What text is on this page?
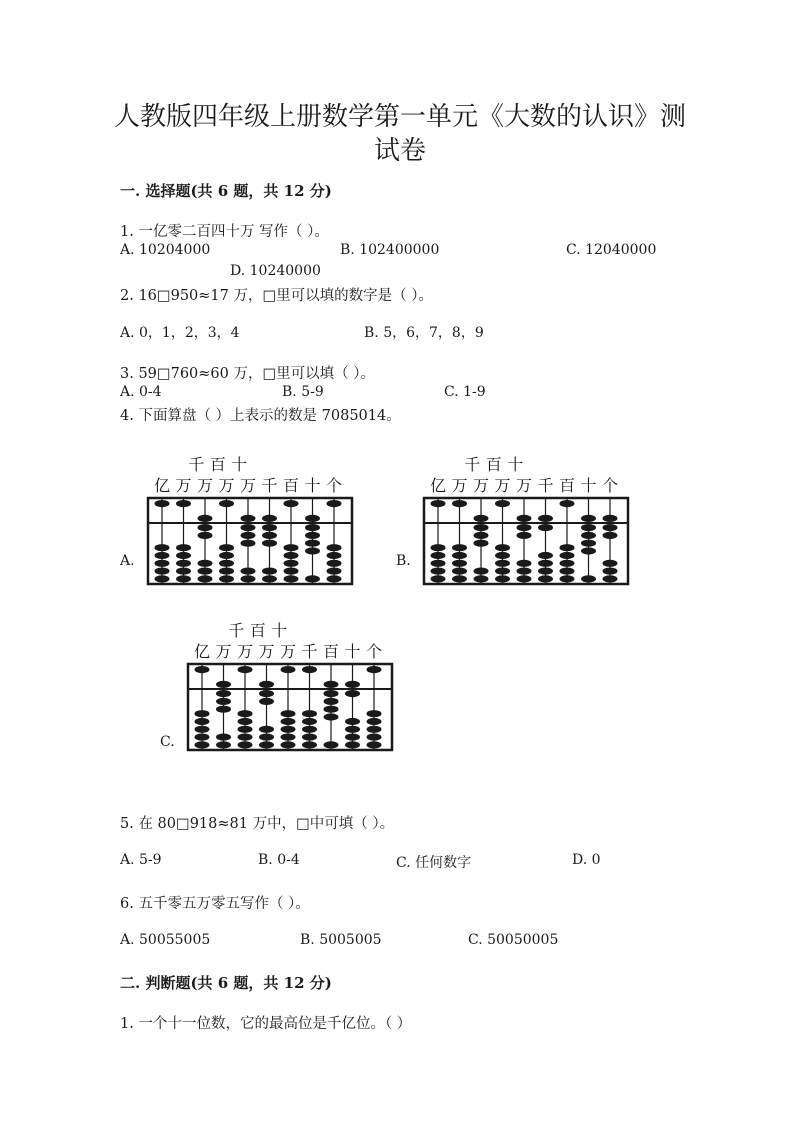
人教版四年级上册数学第一单元《大数的认识》测
试卷
一. 选择题(共 6 题，共 12 分)
1. 一亿零二百四十万 写作（ ）。
A. 10204000	B. 102400000	C. 12040000
D. 10240000
2. 16□950≈17 万，□里可以填的数字是（ ）。
A. 0，1，2，3，4	B. 5，6，7，8，9
3. 59□760≈60 万，□里可以填（ ）。
A. 0-4	B. 5-9	C. 1-9
4. 下面算盘（ ）上表示的数是 7085014。
A.
千 百 十
亿 万 万 万 万 千 百 十 个
B.
千 百 十
亿 万 万 万 万 千 百 十 个
C.
千 百 十
亿 万 万 万 万 千 百 十 个
5. 在 80□918≈81 万中，□中可填（ ）。
A. 5-9	B. 0-4	C. 任何数字	D. 0
6. 五千零五万零五写作（ ）。
A. 50055005	B. 5005005	C. 50050005
二. 判断题(共 6 题，共 12 分)
1. 一个十一位数，它的最高位是千亿位。（ ）
